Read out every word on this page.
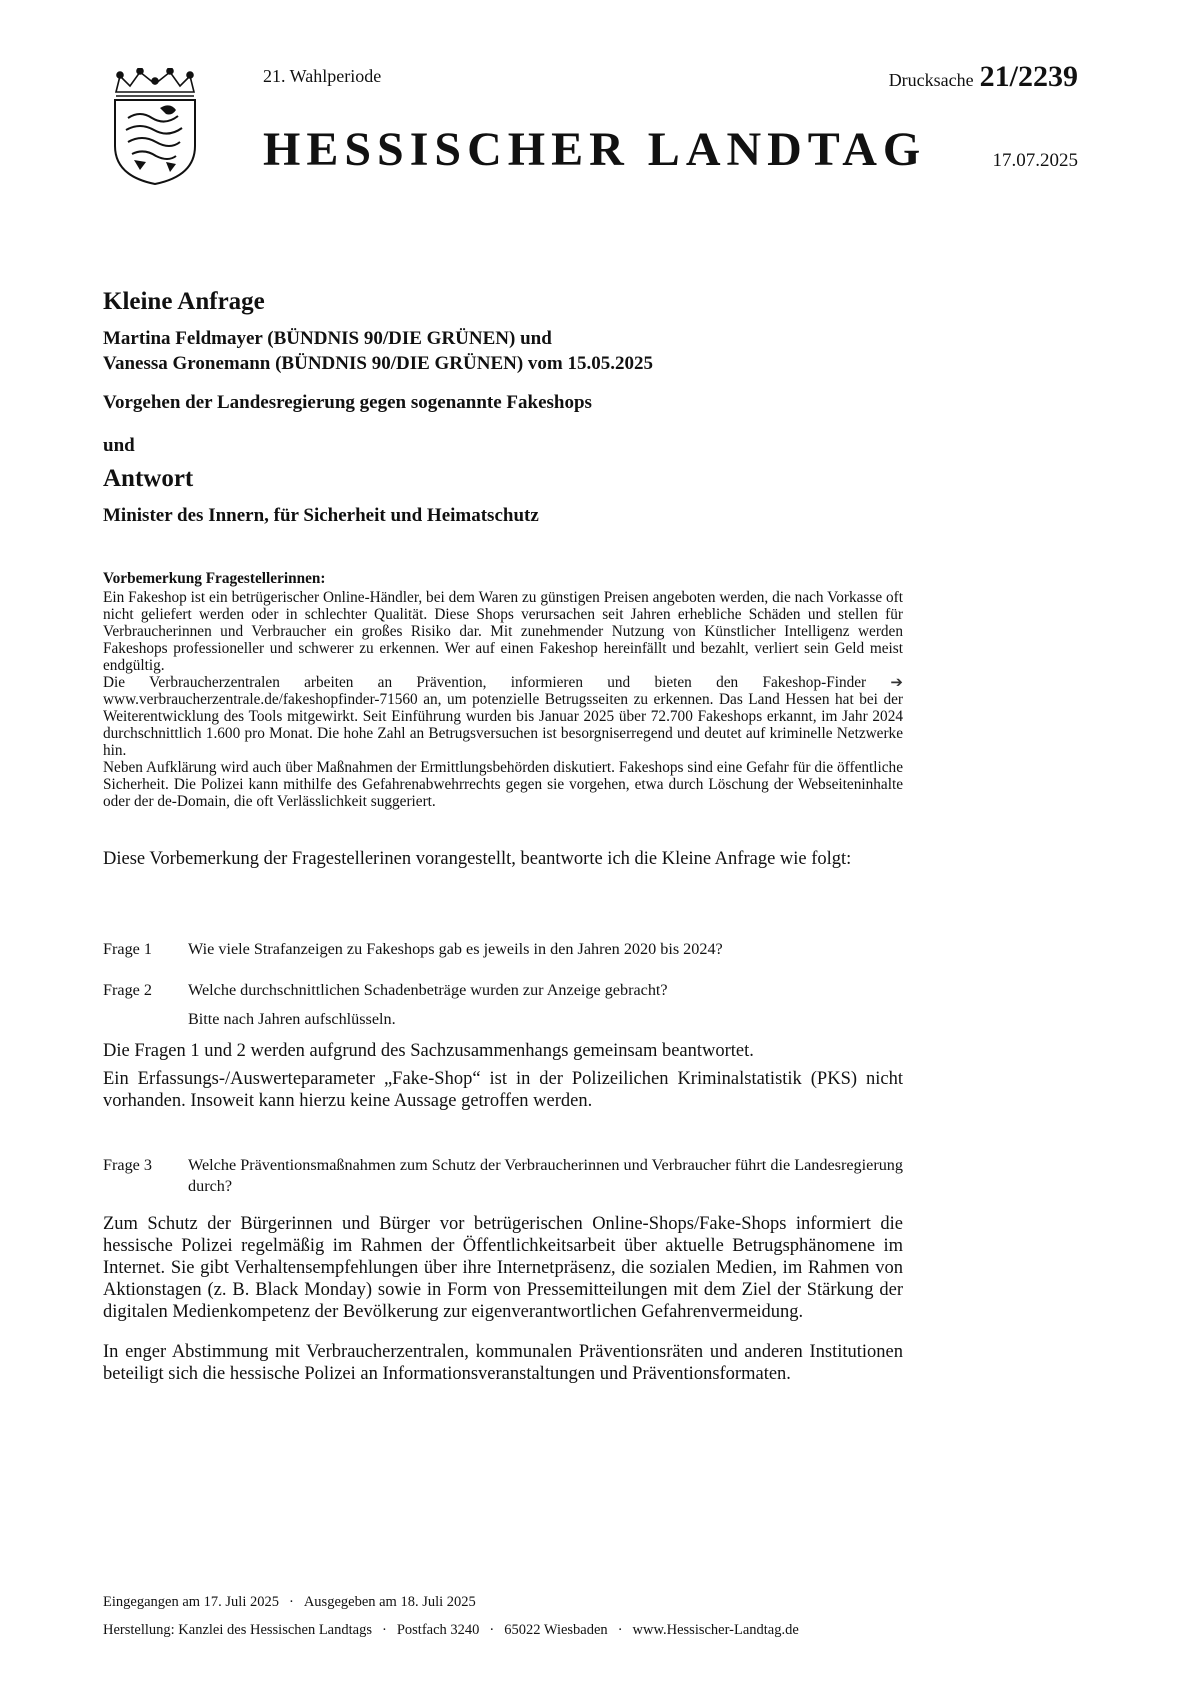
21. Wahlperiode	Drucksache 21/2239
HESSISCHER LANDTAG	17.07.2025
Kleine Anfrage
Martina Feldmayer (BÜNDNIS 90/DIE GRÜNEN) und
Vanessa Gronemann (BÜNDNIS 90/DIE GRÜNEN) vom 15.05.2025
Vorgehen der Landesregierung gegen sogenannte Fakeshops
und
Antwort
Minister des Innern, für Sicherheit und Heimatschutz
Vorbemerkung Fragestellerinnen:

Ein Fakeshop ist ein betrügerischer Online-Händler, bei dem Waren zu günstigen Preisen angeboten werden, die nach Vorkasse oft nicht geliefert werden oder in schlechter Qualität. Diese Shops verursachen seit Jahren erhebliche Schäden und stellen für Verbraucherinnen und Verbraucher ein großes Risiko dar. Mit zunehmender Nutzung von Künstlicher Intelligenz werden Fakeshops professioneller und schwerer zu erkennen. Wer auf einen Fakeshop hereinfällt und bezahlt, verliert sein Geld meist endgültig.

Die Verbraucherzentralen arbeiten an Prävention, informieren und bieten den Fakeshop-Finder ➔ www.verbraucherzentrale.de/fakeshopfinder-71560 an, um potenzielle Betrugsseiten zu erkennen. Das Land Hessen hat bei der Weiterentwicklung des Tools mitgewirkt. Seit Einführung wurden bis Januar 2025 über 72.700 Fakeshops erkannt, im Jahr 2024 durchschnittlich 1.600 pro Monat. Die hohe Zahl an Betrugsversuchen ist besorgniserregend und deutet auf kriminelle Netzwerke hin.

Neben Aufklärung wird auch über Maßnahmen der Ermittlungsbehörden diskutiert. Fakeshops sind eine Gefahr für die öffentliche Sicherheit. Die Polizei kann mithilfe des Gefahrenabwehrrechts gegen sie vorgehen, etwa durch Löschung der Webseiteninhalte oder der de-Domain, die oft Verlässlichkeit suggeriert.

Diese Vorbemerkung der Fragestellerinen vorangestellt, beantworte ich die Kleine Anfrage wie folgt:
Frage 1	Wie viele Strafanzeigen zu Fakeshops gab es jeweils in den Jahren 2020 bis 2024?
Frage 2	Welche durchschnittlichen Schadenbeträge wurden zur Anzeige gebracht?
Bitte nach Jahren aufschlüsseln.

Die Fragen 1 und 2 werden aufgrund des Sachzusammenhangs gemeinsam beantwortet.

Ein Erfassungs-/Auswerteparameter „Fake-Shop“ ist in der Polizeilichen Kriminalstatistik (PKS) nicht vorhanden. Insoweit kann hierzu keine Aussage getroffen werden.

Frage 3	Welche Präventionsmaßnahmen zum Schutz der Verbraucherinnen und Verbraucher führt die Landesregierung durch?

Zum Schutz der Bürgerinnen und Bürger vor betrügerischen Online-Shops/Fake-Shops informiert die hessische Polizei regelmäßig im Rahmen der Öffentlichkeitsarbeit über aktuelle Betrugsphänomene im Internet. Sie gibt Verhaltensempfehlungen über ihre Internetpräsenz, die sozialen Medien, im Rahmen von Aktionstagen (z. B. Black Monday) sowie in Form von Pressemitteilungen mit dem Ziel der Stärkung der digitalen Medienkompetenz der Bevölkerung zur eigenverantwortlichen Gefahrenvermeidung.

In enger Abstimmung mit Verbraucherzentralen, kommunalen Präventionsräten und anderen Institutionen beteiligt sich die hessische Polizei an Informationsveranstaltungen und Präventionsformaten.

Eingegangen am 17. Juli 2025 · Ausgegeben am 18. Juli 2025
Herstellung: Kanzlei des Hessischen Landtags · Postfach 3240 · 65022 Wiesbaden · www.Hessischer-Landtag.de
